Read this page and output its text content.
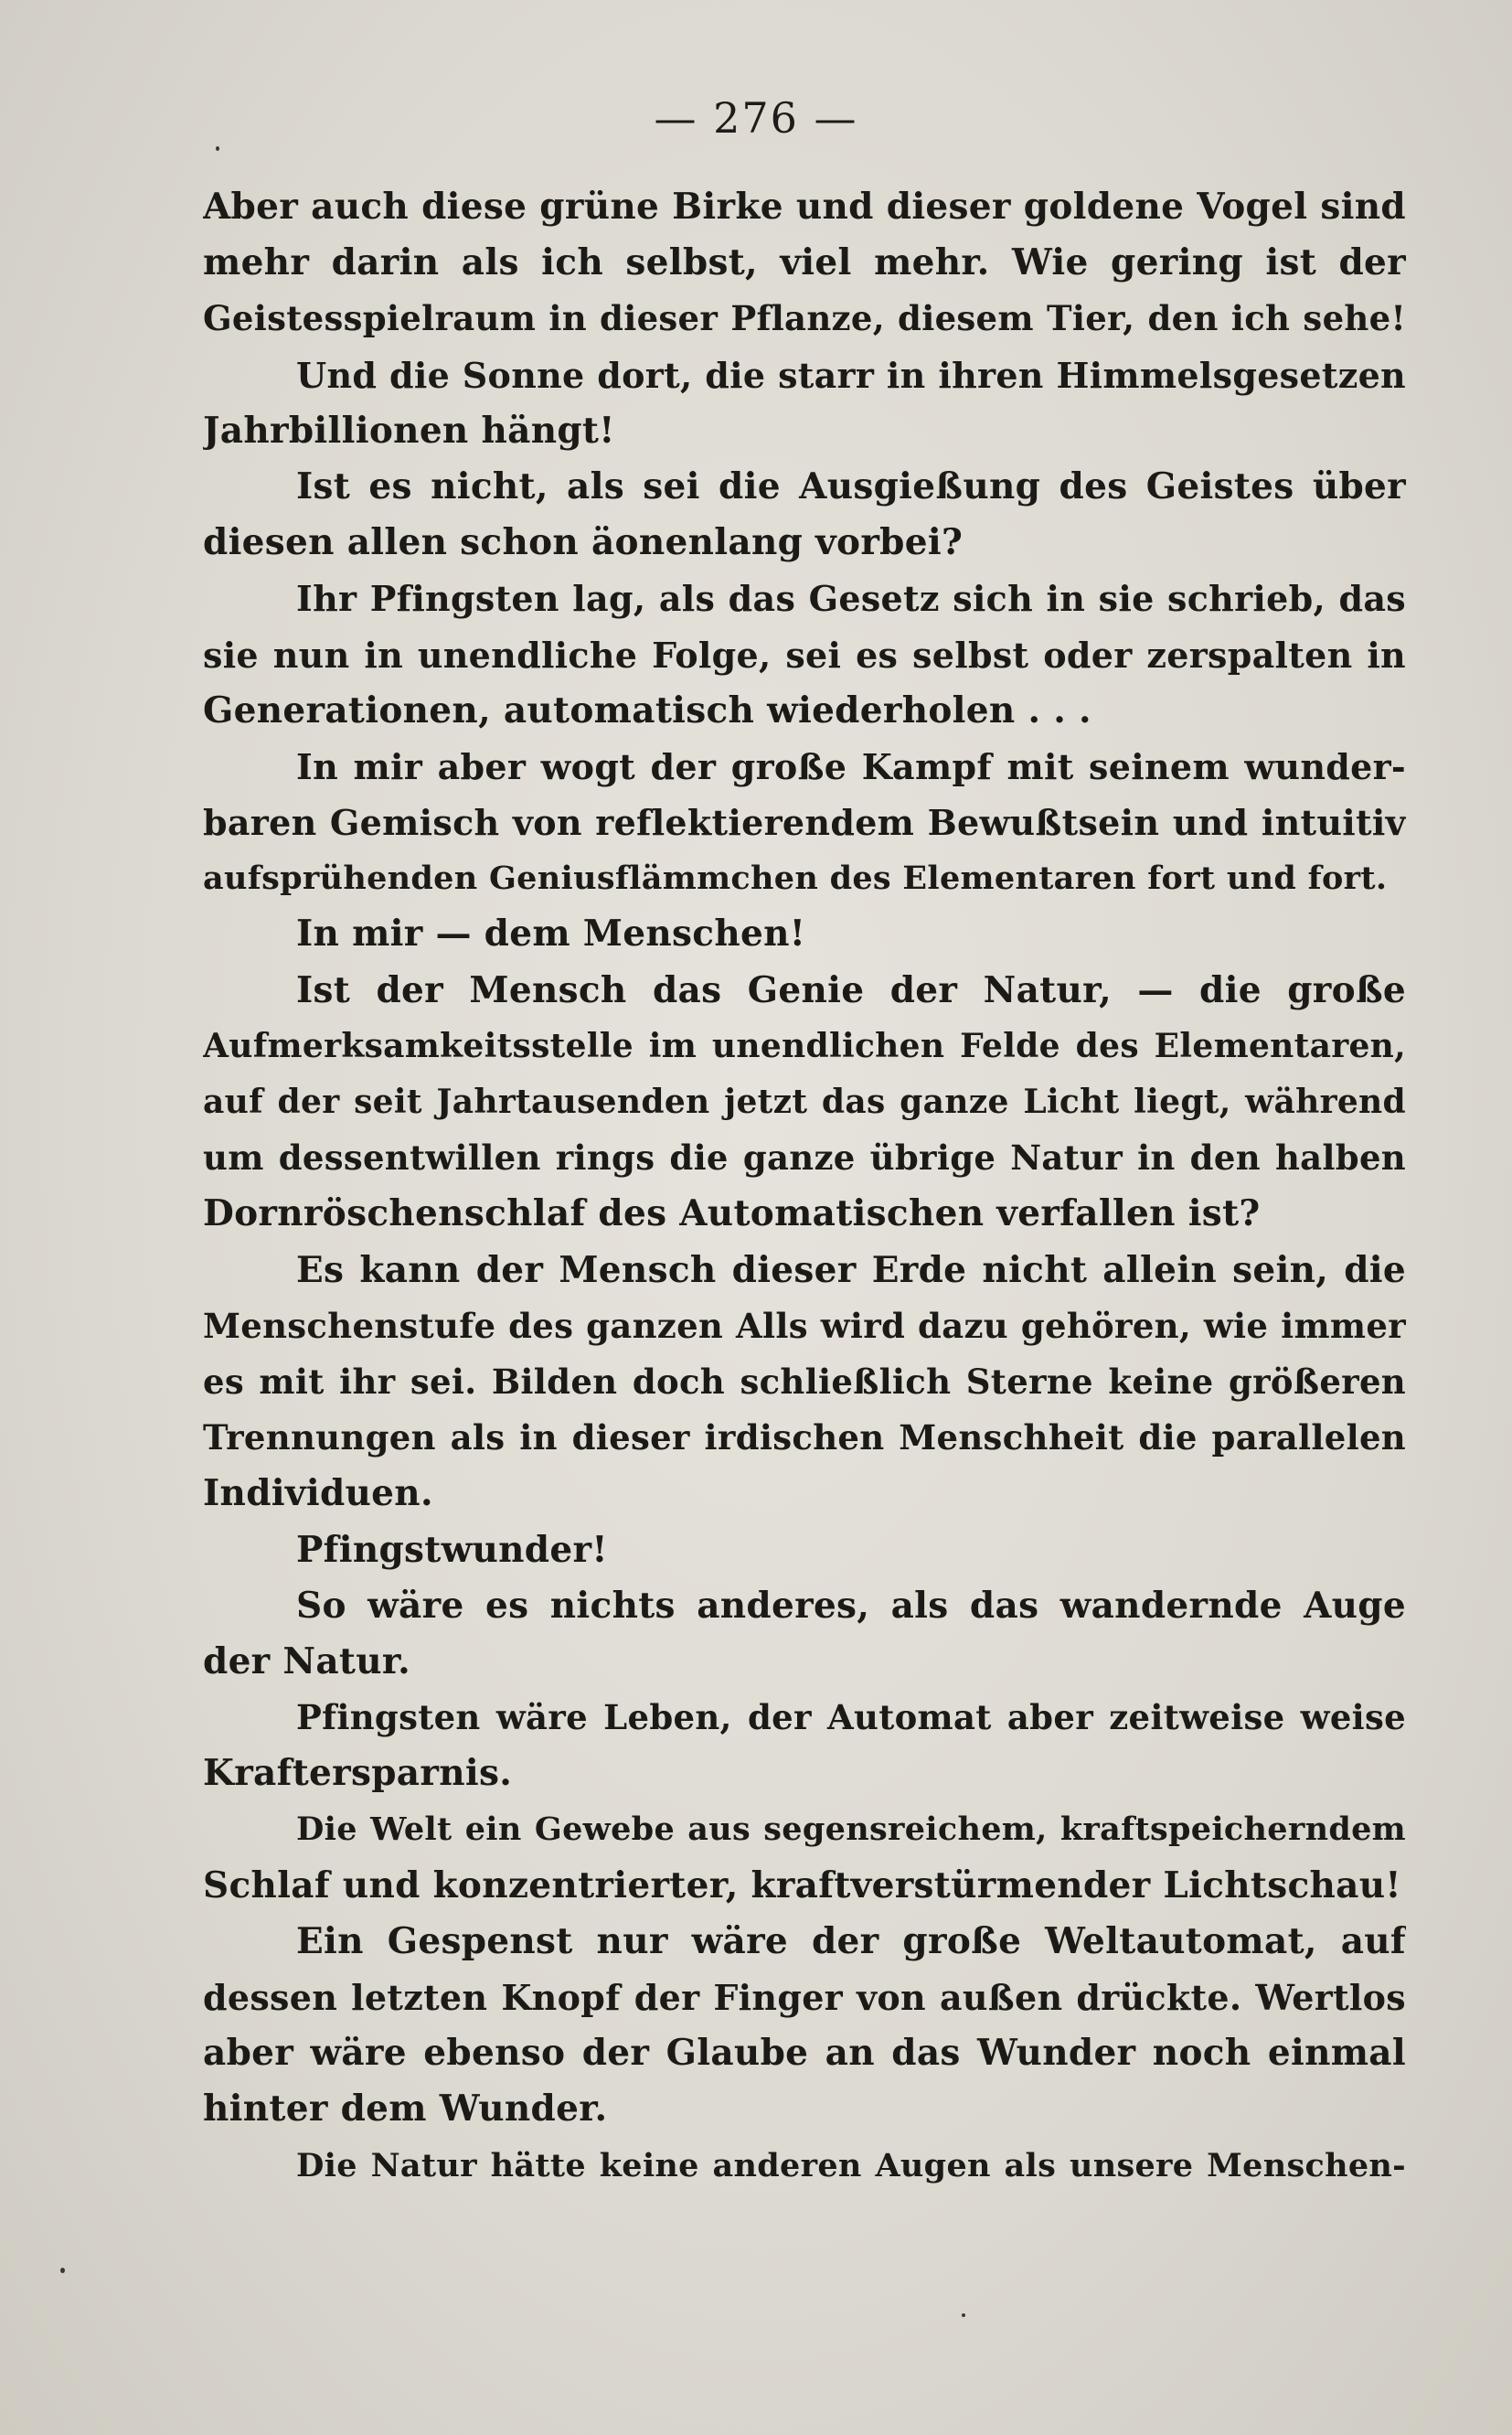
— 276 —
Aber auch diese grüne Birke und dieser goldene Vogel sind
mehr darin als ich selbst, viel mehr. Wie gering ist der
Geistesspielraum in dieser Pflanze, diesem Tier, den ich sehe!
Und die Sonne dort, die starr in ihren Himmelsgesetzen
Jahrbillionen hängt!
Ist es nicht, als sei die Ausgießung des Geistes über
diesen allen schon äonenlang vorbei?
Ihr Pfingsten lag, als das Gesetz sich in sie schrieb, das
sie nun in unendliche Folge, sei es selbst oder zerspalten in
Generationen, automatisch wiederholen . . .
In mir aber wogt der große Kampf mit seinem wunder-
baren Gemisch von reflektierendem Bewußtsein und intuitiv
aufsprühenden Geniusflämmchen des Elementaren fort und fort.
In mir — dem Menschen!
Ist der Mensch das Genie der Natur, — die große
Aufmerksamkeitsstelle im unendlichen Felde des Elementaren,
auf der seit Jahrtausenden jetzt das ganze Licht liegt, während
um dessentwillen rings die ganze übrige Natur in den halben
Dornröschenschlaf des Automatischen verfallen ist?
Es kann der Mensch dieser Erde nicht allein sein, die
Menschenstufe des ganzen Alls wird dazu gehören, wie immer
es mit ihr sei. Bilden doch schließlich Sterne keine größeren
Trennungen als in dieser irdischen Menschheit die parallelen
Individuen.
Pfingstwunder!
So wäre es nichts anderes, als das wandernde Auge
der Natur.
Pfingsten wäre Leben, der Automat aber zeitweise weise
Kraftersparnis.
Die Welt ein Gewebe aus segensreichem, kraftspeicherndem
Schlaf und konzentrierter, kraftverstürmender Lichtschau!
Ein Gespenst nur wäre der große Weltautomat, auf
dessen letzten Knopf der Finger von außen drückte. Wertlos
aber wäre ebenso der Glaube an das Wunder noch einmal
hinter dem Wunder.
Die Natur hätte keine anderen Augen als unsere Menschen-
